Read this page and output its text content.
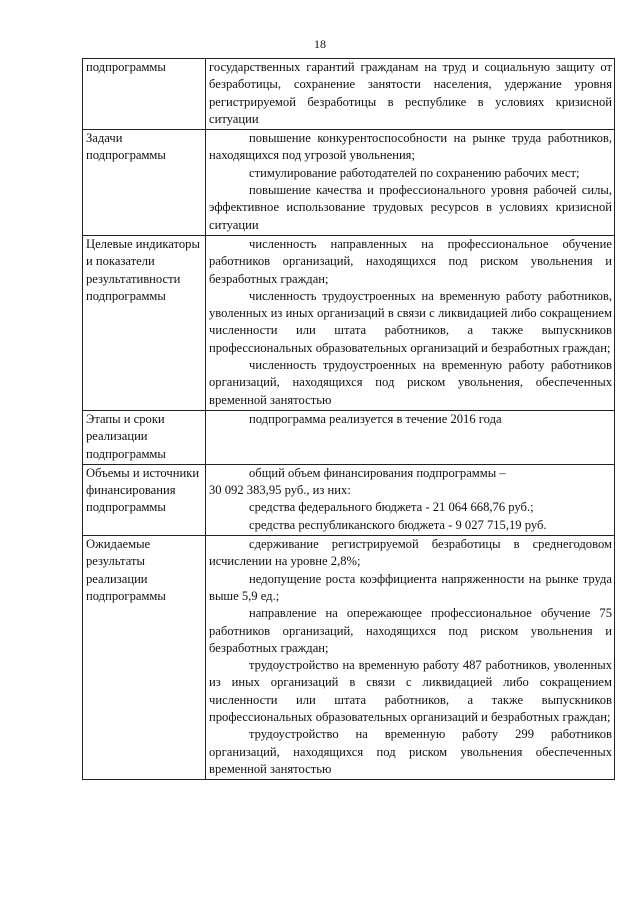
18
подпрограммы	государственных гарантий гражданам на труд и социальную защиту от безработицы, сохранение занятости населения, удержание уровня регистрируемой безработицы в республике в условиях кризисной ситуации

Задачи подпрограммы	повышение конкурентоспособности на рынке труда работников, находящихся под угрозой увольнения;

стимулирование работодателей по сохранению рабочих мест;

повышение качества и профессионального уровня рабочей силы, эффективное использование трудовых ресурсов в условиях кризисной ситуации

Целевые индикаторы и показатели результативности подпрограммы	численность направленных на профессиональное обучение работников организаций, находящихся под риском увольнения и безработных граждан;

численность трудоустроенных на временную работу работников, уволенных из иных организаций в связи с ликвидацией либо сокращением численности или штата работников, а также выпускников профессиональных образовательных организаций и безработных граждан;

численность трудоустроенных на временную работу работников организаций, находящихся под риском увольнения, обеспеченных временной занятостью

Этапы и сроки реализации подпрограммы	подпрограмма реализуется в течение 2016 года

Объемы и источники финансирования подпрограммы	общий объем финансирования подпрограммы –

30 092 383,95 руб., из них:

средства федерального бюджета - 21 064 668,76 руб.;

средства республиканского бюджета - 9 027 715,19 руб.

Ожидаемые результаты реализации подпрограммы	сдерживание регистрируемой безработицы в среднегодовом исчислении на уровне 2,8%;

недопущение роста коэффициента напряженности на рынке труда выше 5,9 ед.;

направление на опережающее профессиональное обучение 75 работников организаций, находящихся под риском увольнения и безработных граждан;

трудоустройство на временную работу 487 работников, уволенных из иных организаций в связи с ликвидацией либо сокращением численности или штата работников, а также выпускников профессиональных образовательных организаций и безработных граждан;

трудоустройство на временную работу 299 работников организаций, находящихся под риском увольнения обеспеченных временной занятостью
